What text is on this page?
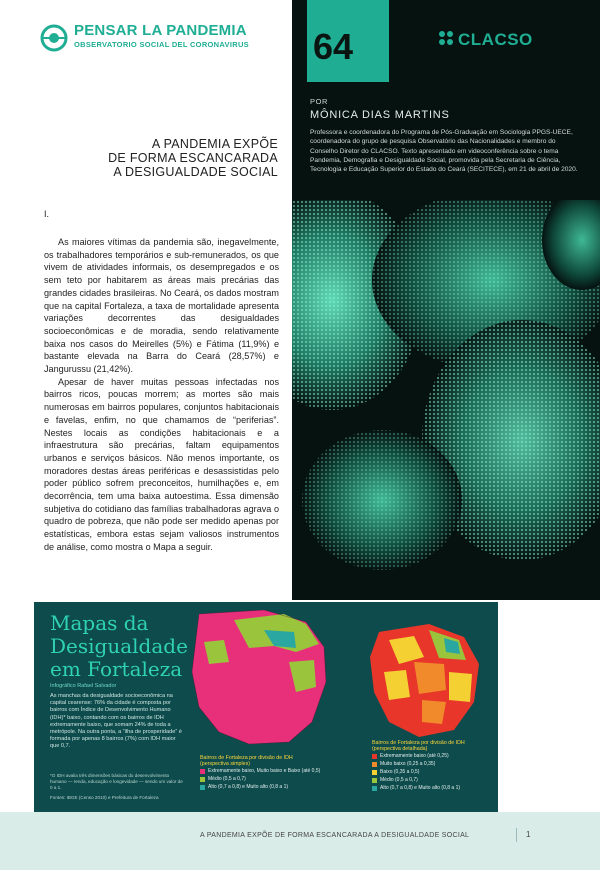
PENSAR LA PANDEMIA
OBSERVATORIO SOCIAL DEL CORONAVIRUS 64	CLACSO
POR
MÔNICA DIAS MARTINS
Professora e coordenadora do Programa de Pós-Graduação em Sociologia PPGS-UECE, coordenadora do grupo de pesquisa Observatório das Nacionalidades e membro do Conselho Diretor do CLACSO. Texto apresentado em videoconferência sobre o tema Pandemia, Demografia e Desigualdade Social, promovida pela Secretaria de Ciência, Tecnologia e Educação Superior do Estado do Ceará (SECITECE), em 21 de abril de 2020.
A PANDEMIA EXPÕE
DE FORMA ESCANCARADA
A DESIGUALDADE SOCIAL
I.

As maiores vítimas da pandemia são, inegavelmente, os trabalhadores temporários e sub-remunerados, os que vivem de atividades informais, os desempregados e os sem teto por habitarem as áreas mais precárias das grandes cidades brasileiras. No Ceará, os dados mostram que na capital Fortaleza, a taxa de mortalidade apresenta variações decorrentes das desigualdades socioeconômicas e de moradia, sendo relativamente baixa nos casos do Meirelles (5%) e Fátima (11,9%) e bastante elevada na Barra do Ceará (28,57%) e Jangurussu (21,42%).

Apesar de haver muitas pessoas infectadas nos bairros ricos, poucas morrem; as mortes são mais numerosas em bairros populares, conjuntos habitacionais e favelas, enfim, no que chamamos de “periferias”. Nestes locais as condições habitacionais e a infraestrutura são precárias, faltam equipamentos urbanos e serviços básicos. Não menos importante, os moradores destas áreas periféricas e desassistidas pelo poder público sofrem preconceitos, humilhações e, em decorrência, tem uma baixa autoestima. Essa dimensão subjetiva do cotidiano das famílias trabalhadoras agrava o quadro de pobreza, que não pode ser medido apenas por estatísticas, embora estas sejam valiosos instrumentos de análise, como mostra o Mapa a seguir.

Mapas da
Desigualdade
em Fortaleza
Infográfico Rafael Salvador
As manchas da desigualdade socioeconômica na capital cearense: 76% da cidade é composta por bairros com Índice de Desenvolvimento Humano (IDH)* baixo, contando com os bairros de IDH extremamente baixo, que somam 24% de toda a metrópole. Na outra ponta, a “ilha de prosperidade” é formada por apenas 8 bairros (7%) com IDH maior que 0,7.
*O IDH avalia três dimensões básicas do desenvolvimento humano — renda, educação e longevidade — sendo um valor de 0 a 1.
Fontes: IBGE (Censo 2010) e Prefeitura de Fortaleza
Bairros de Fortaleza por divisão de IDH
(perspectiva simples)
Extremamente baixo, Muito baixo e Baixo (até 0,5)
Médio (0,5 a 0,7)
Alto (0,7 a 0,8) e Muito alto (0,8 a 1)
Bairros de Fortaleza por divisão de IDH
(perspectiva detalhada)
Extremamente baixo (até 0,25)
Muito baixo (0,25 a 0,35)
Baixo (0,35 a 0,5)
Médio (0,5 a 0,7)
Alto (0,7 a 0,8) e Muito alto (0,8 a 1)
A PANDEMIA EXPÕE DE FORMA ESCANCARADA A DESIGUALDADE SOCIAL	1
